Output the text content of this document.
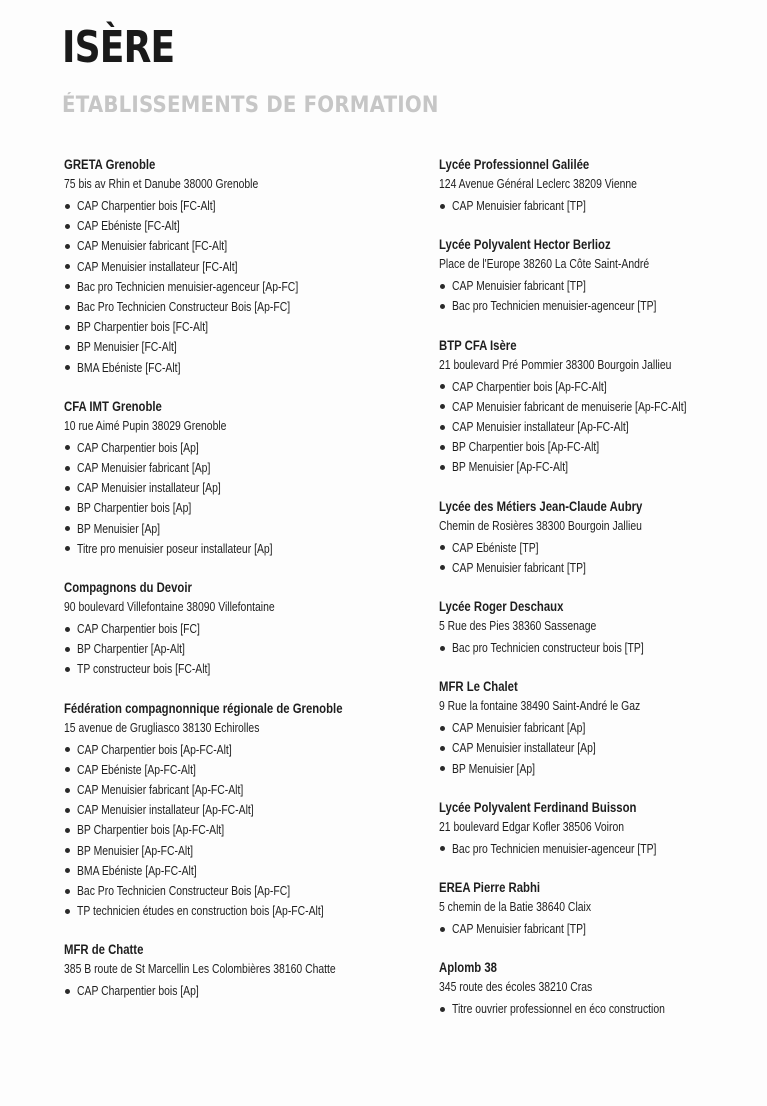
ISÈRE
ÉTABLISSEMENTS DE FORMATION
GRETA Grenoble
75 bis av Rhin et Danube 38000 Grenoble
CAP Charpentier bois [FC-Alt]
CAP Ebéniste [FC-Alt]
CAP Menuisier fabricant [FC-Alt]
CAP Menuisier installateur [FC-Alt]
Bac pro Technicien menuisier-agenceur [Ap-FC]
Bac Pro Technicien Constructeur Bois [Ap-FC]
BP Charpentier bois [FC-Alt]
BP Menuisier [FC-Alt]
BMA Ebéniste [FC-Alt]
CFA IMT Grenoble
10 rue Aimé Pupin 38029 Grenoble
CAP Charpentier bois [Ap]
CAP Menuisier fabricant [Ap]
CAP Menuisier installateur [Ap]
BP Charpentier bois [Ap]
BP Menuisier [Ap]
Titre pro menuisier poseur installateur [Ap]
Compagnons du Devoir
90 boulevard Villefontaine 38090 Villefontaine
CAP Charpentier bois [FC]
BP Charpentier [Ap-Alt]
TP constructeur bois [FC-Alt]
Fédération compagnonnique régionale de Grenoble
15 avenue de Grugliasco 38130 Echirolles
CAP Charpentier bois [Ap-FC-Alt]
CAP Ebéniste [Ap-FC-Alt]
CAP Menuisier fabricant [Ap-FC-Alt]
CAP Menuisier installateur [Ap-FC-Alt]
BP Charpentier bois [Ap-FC-Alt]
BP Menuisier [Ap-FC-Alt]
BMA Ebéniste [Ap-FC-Alt]
Bac Pro Technicien Constructeur Bois [Ap-FC]
TP technicien études en construction bois [Ap-FC-Alt]
MFR de Chatte
385 B route de St Marcellin Les Colombières 38160 Chatte
CAP Charpentier bois [Ap]
Lycée Professionnel Galilée
124 Avenue Général Leclerc 38209 Vienne
CAP Menuisier fabricant [TP]
Lycée Polyvalent Hector Berlioz
Place de l'Europe 38260 La Côte Saint-André
CAP Menuisier fabricant [TP]
Bac pro Technicien menuisier-agenceur [TP]
BTP CFA Isère
21 boulevard Pré Pommier 38300 Bourgoin Jallieu
CAP Charpentier bois [Ap-FC-Alt]
CAP Menuisier fabricant de menuiserie [Ap-FC-Alt]
CAP Menuisier installateur [Ap-FC-Alt]
BP Charpentier bois [Ap-FC-Alt]
BP Menuisier [Ap-FC-Alt]
Lycée des Métiers Jean-Claude Aubry
Chemin de Rosières 38300 Bourgoin Jallieu
CAP Ebéniste [TP]
CAP Menuisier fabricant [TP]
Lycée Roger Deschaux
5 Rue des Pies 38360 Sassenage
Bac pro Technicien constructeur bois [TP]
MFR Le Chalet
9 Rue la fontaine 38490 Saint-André le Gaz
CAP Menuisier fabricant [Ap]
CAP Menuisier installateur [Ap]
BP Menuisier [Ap]
Lycée Polyvalent Ferdinand Buisson
21 boulevard Edgar Kofler 38506 Voiron
Bac pro Technicien menuisier-agenceur [TP]
EREA Pierre Rabhi
5 chemin de la Batie 38640 Claix
CAP Menuisier fabricant [TP]
Aplomb 38
345 route des écoles 38210 Cras
Titre ouvrier professionnel en éco construction
